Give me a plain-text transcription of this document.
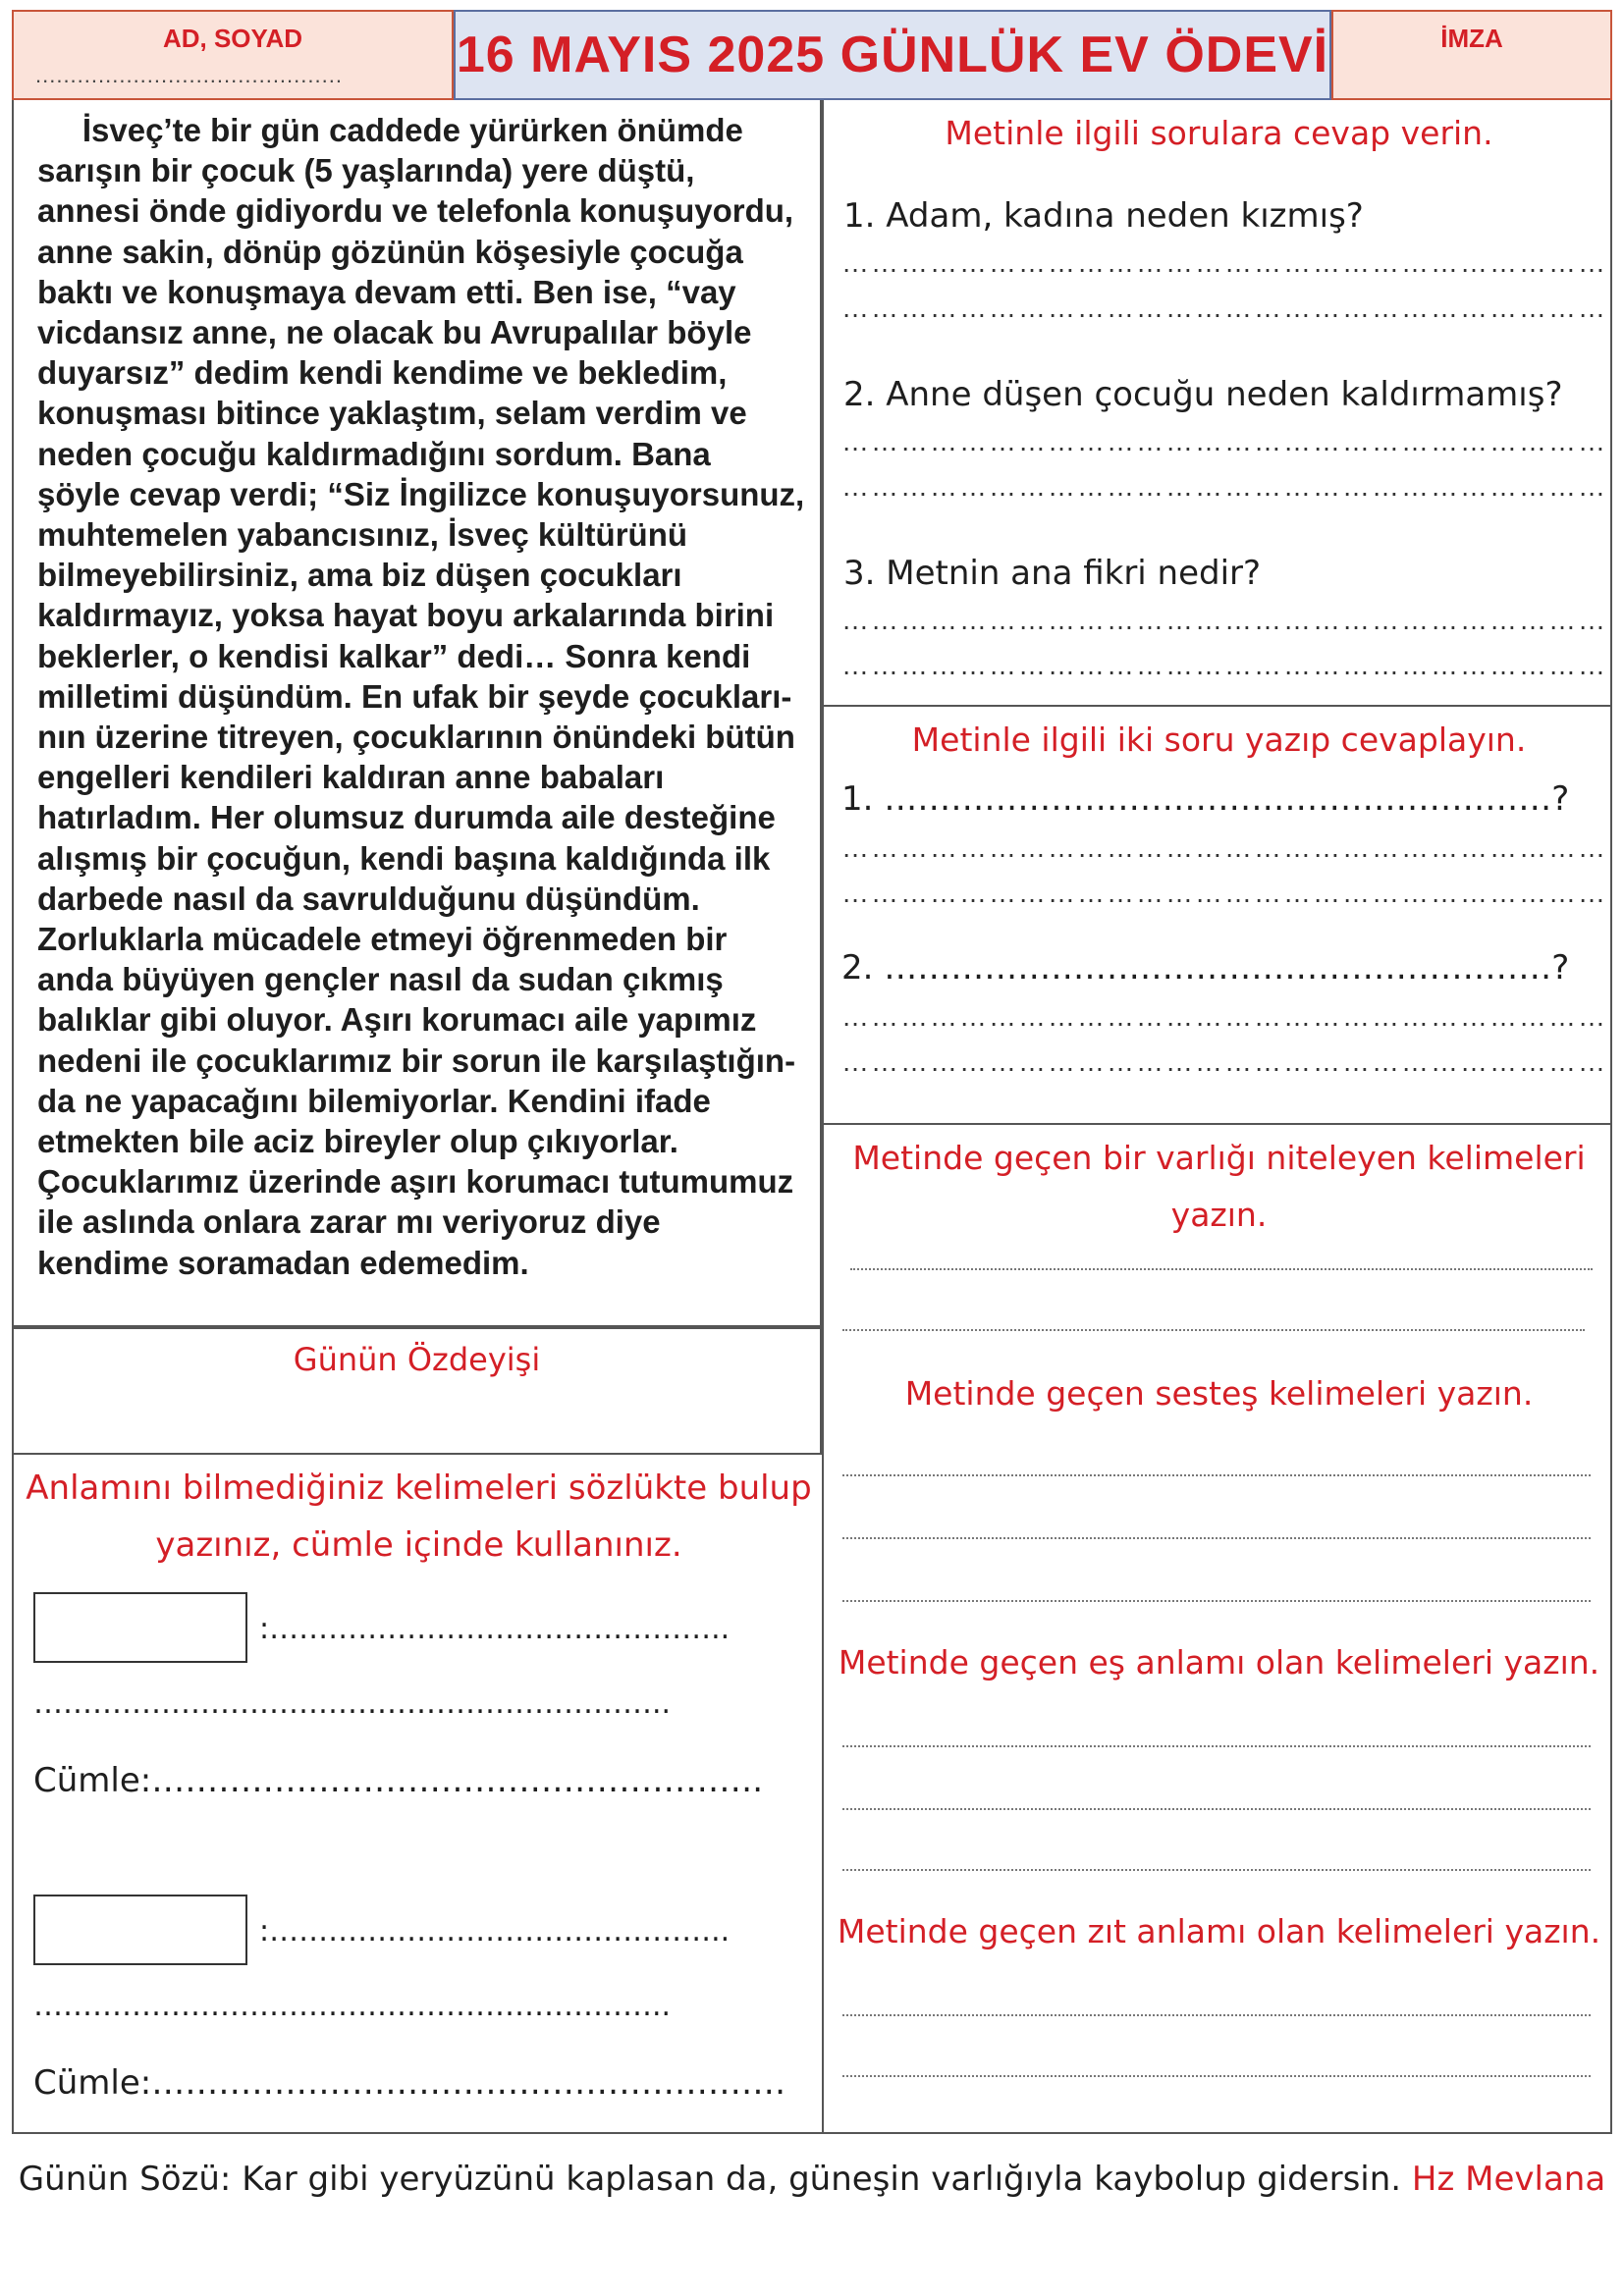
AD, SOYAD
............................................	16 MAYIS 2025 GÜNLÜK EV ÖDEVİ	İMZA
İsveç’te bir gün caddede yürürken önümde
sarışın bir çocuk (5 yaşlarında) yere düştü,
annesi önde gidiyordu ve telefonla konuşuyordu,
anne sakin, dönüp gözünün köşesiyle çocuğa
baktı ve konuşmaya devam etti. Ben ise, “vay
vicdansız anne, ne olacak bu Avrupalılar böyle
duyarsız” dedim kendi kendime ve bekledim,
konuşması bitince yaklaştım, selam verdim ve
neden çocuğu kaldırmadığını sordum. Bana
şöyle cevap verdi; “Siz İngilizce konuşuyorsunuz,
muhtemelen yabancısınız, İsveç kültürünü
bilmeyebilirsiniz, ama biz düşen çocukları
kaldırmayız, yoksa hayat boyu arkalarında birini
beklerler, o kendisi kalkar” dedi… Sonra kendi
milletimi düşündüm. En ufak bir şeyde çocukları-
nın üzerine titreyen, çocuklarının önündeki bütün
engelleri kendileri kaldıran anne babaları
hatırladım. Her olumsuz durumda aile desteğine
alışmış bir çocuğun, kendi başına kaldığında ilk
darbede nasıl da savrulduğunu düşündüm.
Zorluklarla mücadele etmeyi öğrenmeden bir
anda büyüyen gençler nasıl da sudan çıkmış
balıklar gibi oluyor. Aşırı korumacı aile yapımız
nedeni ile çocuklarımız bir sorun ile karşılaştığın-
da ne yapacağını bilemiyorlar. Kendini ifade
etmekten bile aciz bireyler olup çıkıyorlar.
Çocuklarımız üzerinde aşırı korumacı tutumumuz
ile aslında onlara zarar mı veriyoruz diye
kendime soramadan edemedim.
Günün Özdeyişi
Anlamını bilmediğiniz kelimeleri sözlükte bulup
yazınız, cümle içinde kullanınız.
:………………………………………..
………………………………………………………..
Cümle:……………………………………………….
:………………………………………..
………………………………………………………..
Cümle:…………………………………………………
Metinle ilgili sorulara cevap verin.
1. Adam, kadına neden kızmış?
……………………………………………………………………
……………………………………………………………………
2. Anne düşen çocuğu neden kaldırmamış?
……………………………………………………………………
……………………………………………………………………
3. Metnin ana fikri nedir?
……………………………………………………………………
……………………………………………………………………
Metinle ilgili iki soru yazıp cevaplayın.
1. ……………………………………………………?
……………………………………………………………………
……………………………………………………………………
2. ……………………………………………………?
……………………………………………………………………
……………………………………………………………………
Metinde geçen bir varlığı niteleyen kelimeleri
yazın.
Metinde geçen sesteş kelimeleri yazın.
Metinde geçen eş anlamı olan kelimeleri yazın.
Metinde geçen zıt anlamı olan kelimeleri yazın.
Günün Sözü: Kar gibi yeryüzünü kaplasan da, güneşin varlığıyla kaybolup gidersin. Hz Mevlana
